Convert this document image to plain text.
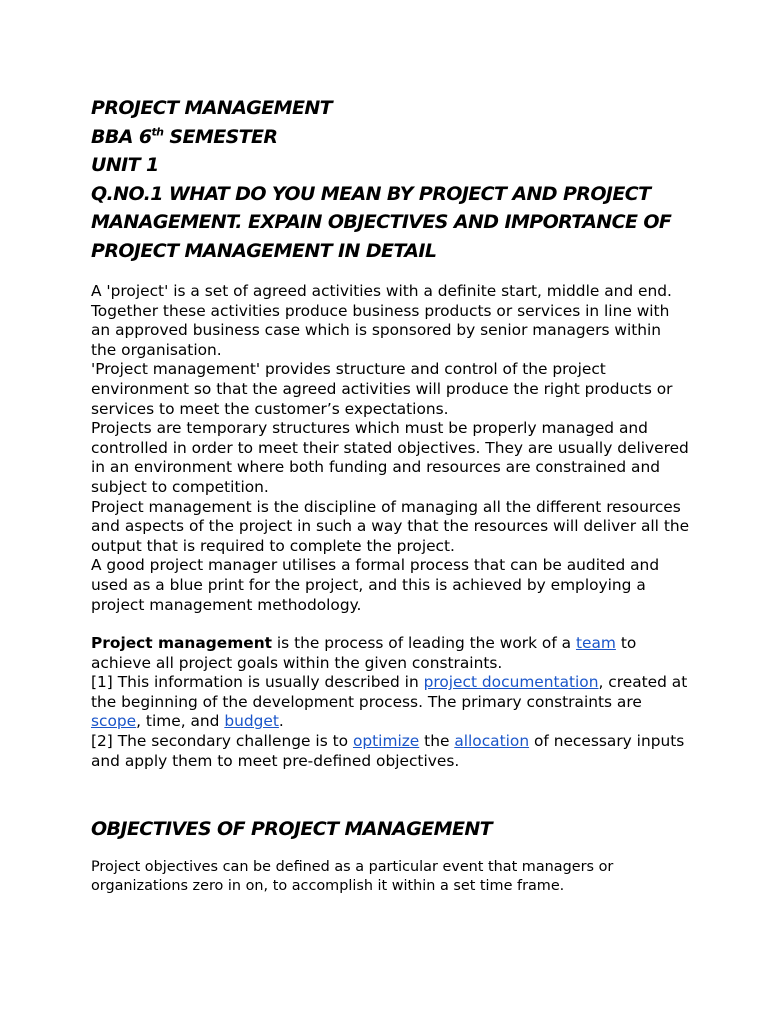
PROJECT MANAGEMENT

BBA 6th SEMESTER

UNIT 1

Q.NO.1 WHAT DO YOU MEAN BY PROJECT AND PROJECT MANAGEMENT. EXPAIN OBJECTIVES AND IMPORTANCE OF PROJECT MANAGEMENT IN DETAIL

A 'project' is a set of agreed activities with a definite start, middle and end. Together these activities produce business products or services in line with an approved business case which is sponsored by senior managers within the organisation.
'Project management' provides structure and control of the project environment so that the agreed activities will produce the right products or services to meet the customer’s expectations.
Projects are temporary structures which must be properly managed and controlled in order to meet their stated objectives. They are usually delivered in an environment where both funding and resources are constrained and subject to competition.
Project management is the discipline of managing all the different resources and aspects of the project in such a way that the resources will deliver all the output that is required to complete the project.
A good project manager utilises a formal process that can be audited and used as a blue print for the project, and this is achieved by employing a project management methodology.
Project management is the process of leading the work of a team to achieve all project goals within the given constraints.
[1] This information is usually described in project documentation, created at the beginning of the development process. The primary constraints are scope, time, and budget.
[2] The secondary challenge is to optimize the allocation of necessary inputs and apply them to meet pre-defined objectives.

OBJECTIVES OF PROJECT MANAGEMENT

Project objectives can be defined as a particular event that managers or organizations zero in on, to accomplish it within a set time frame.
